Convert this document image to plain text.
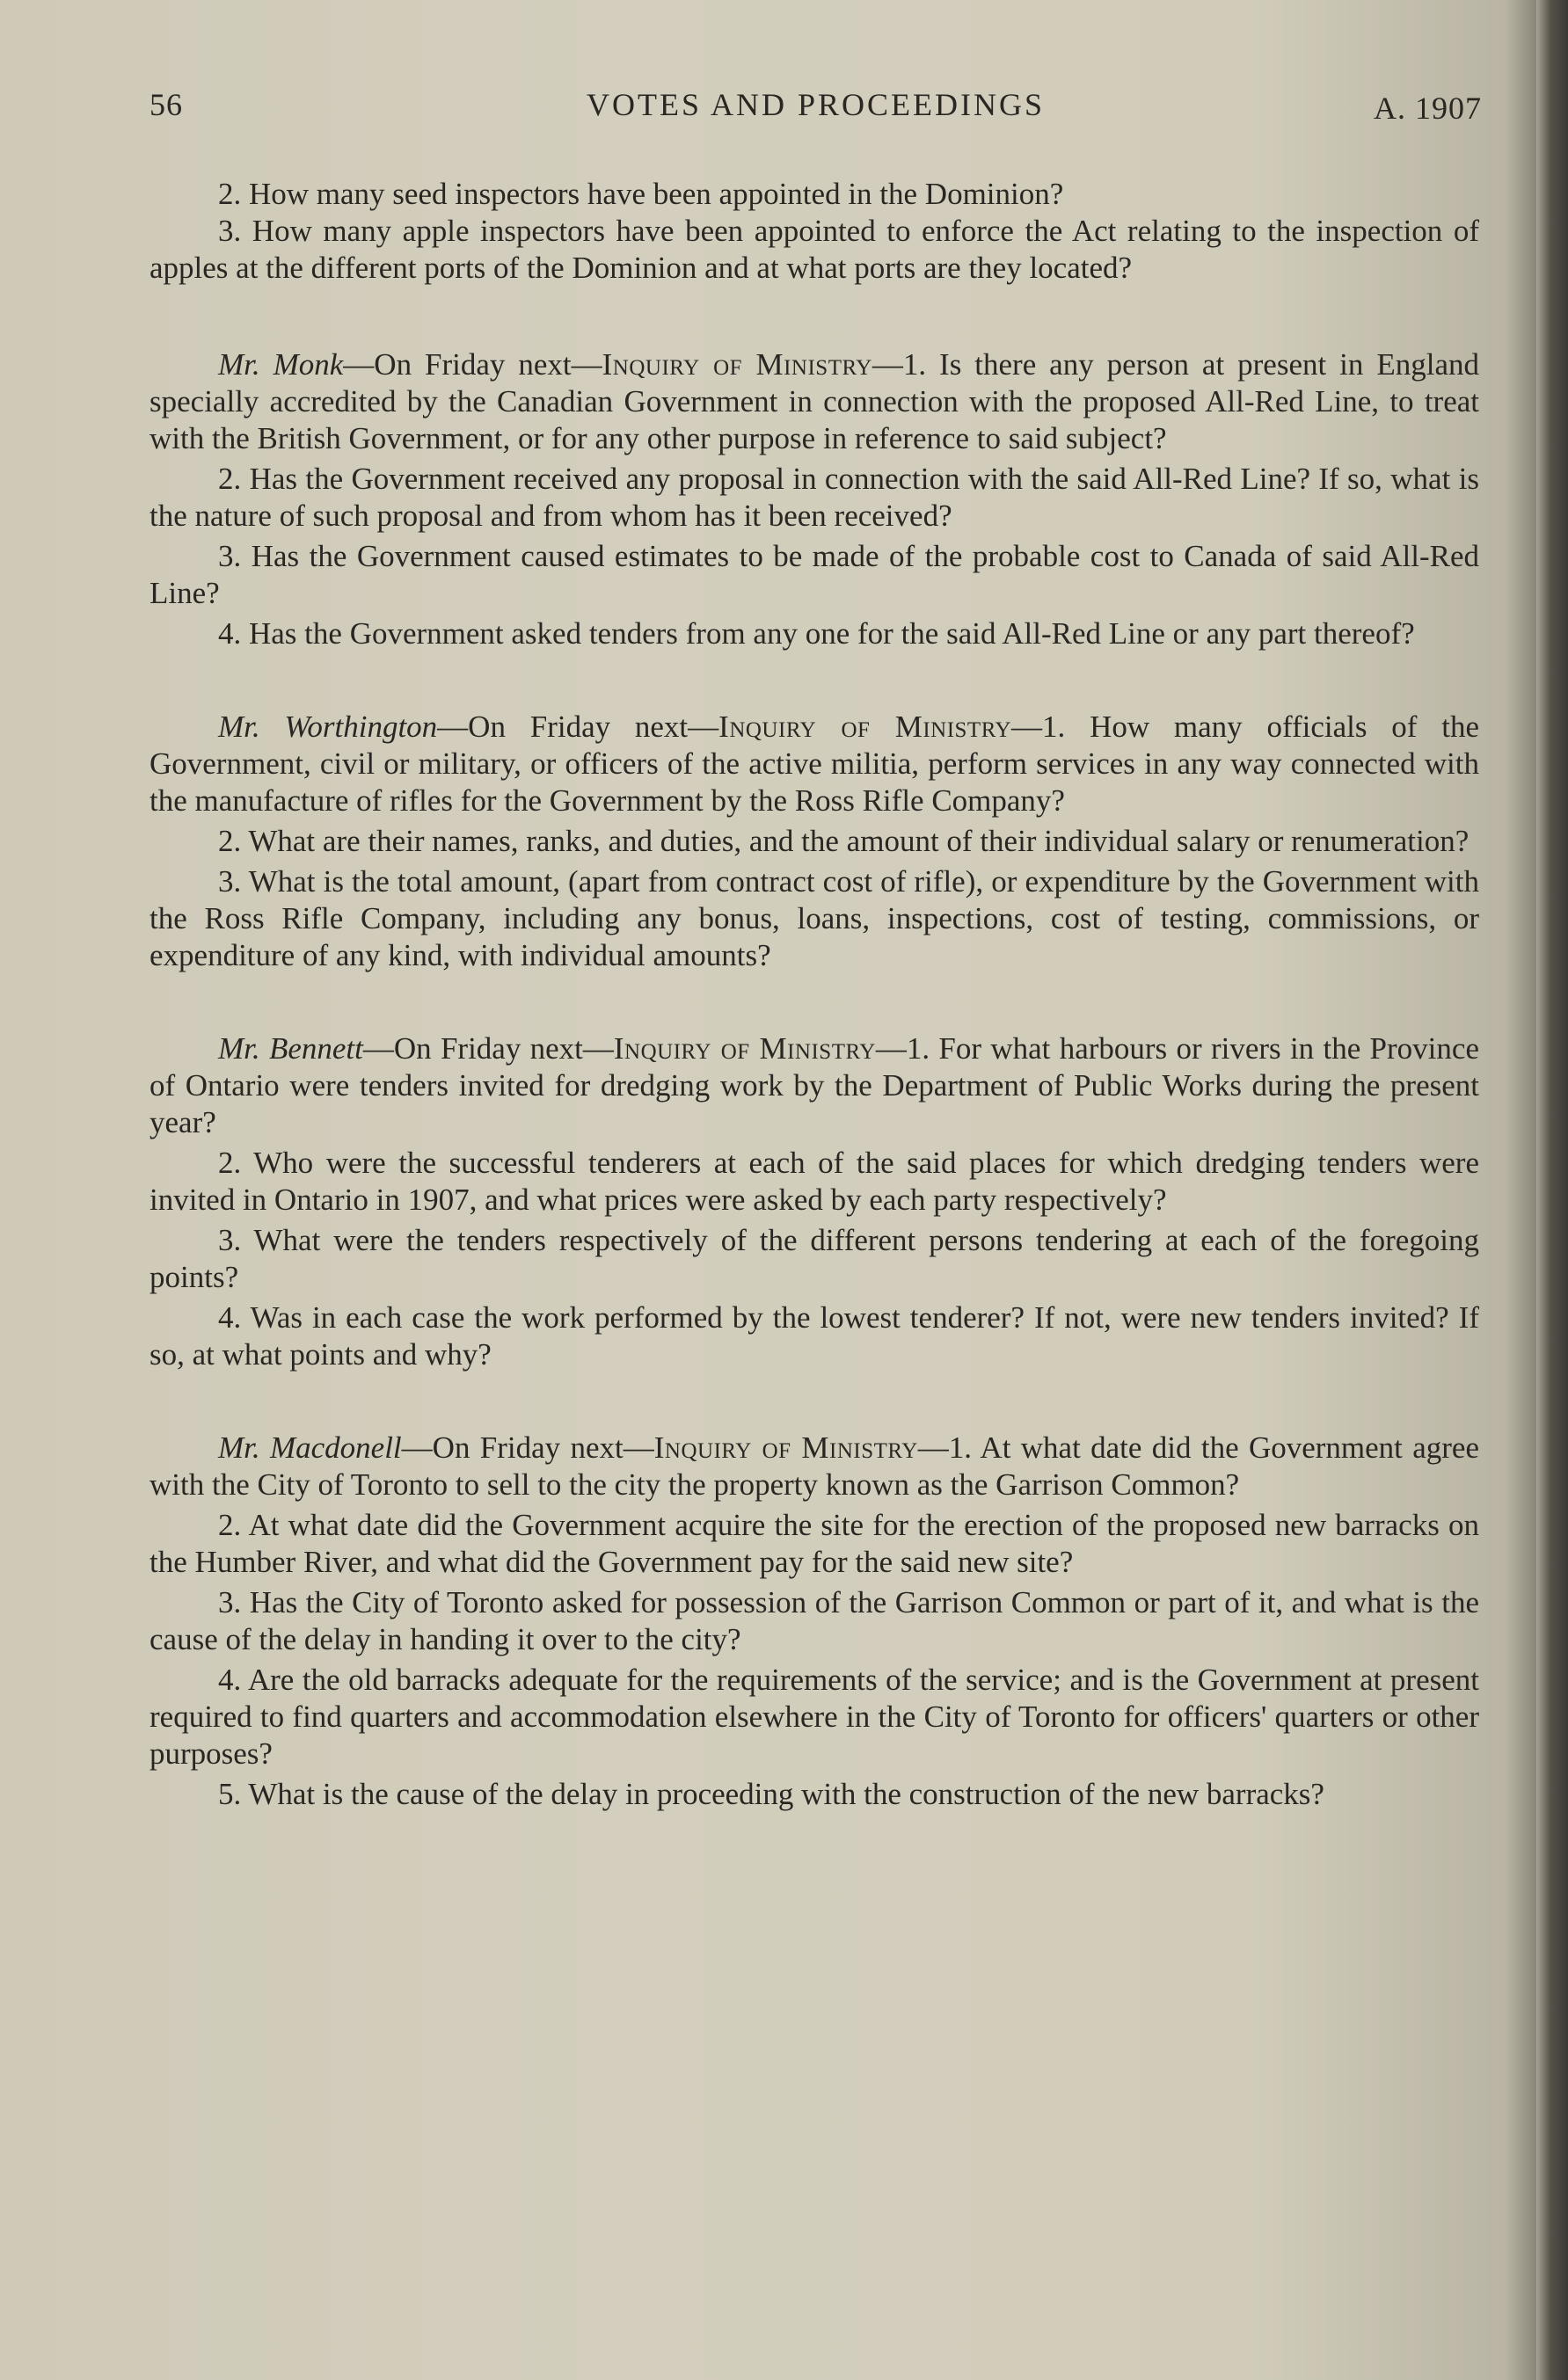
56	VOTES AND PROCEEDINGS	A. 1907

2. How many seed inspectors have been appointed in the Dominion?

3. How many apple inspectors have been appointed to enforce the Act relating to the inspection of apples at the different ports of the Dominion and at what ports are they located?

Mr. Monk—On Friday next—Inquiry of Ministry—1. Is there any person at present in England specially accredited by the Canadian Government in connection with the proposed All-Red Line, to treat with the British Government, or for any other purpose in reference to said subject?

2. Has the Government received any proposal in connection with the said All-Red Line? If so, what is the nature of such proposal and from whom has it been received?

3. Has the Government caused estimates to be made of the probable cost to Canada of said All-Red Line?

4. Has the Government asked tenders from any one for the said All-Red Line or any part thereof?

Mr. Worthington—On Friday next—Inquiry of Ministry—1. How many officials of the Government, civil or military, or officers of the active militia, perform services in any way connected with the manufacture of rifles for the Government by the Ross Rifle Company?

2. What are their names, ranks, and duties, and the amount of their individual salary or renumeration?

3. What is the total amount, (apart from contract cost of rifle), or expenditure by the Government with the Ross Rifle Company, including any bonus, loans, inspections, cost of testing, commissions, or expenditure of any kind, with individual amounts?

Mr. Bennett—On Friday next—Inquiry of Ministry—1. For what harbours or rivers in the Province of Ontario were tenders invited for dredging work by the Department of Public Works during the present year?

2. Who were the successful tenderers at each of the said places for which dredging tenders were invited in Ontario in 1907, and what prices were asked by each party respectively?

3. What were the tenders respectively of the different persons tendering at each of the foregoing points?

4. Was in each case the work performed by the lowest tenderer? If not, were new tenders invited? If so, at what points and why?

Mr. Macdonell—On Friday next—Inquiry of Ministry—1. At what date did the Government agree with the City of Toronto to sell to the city the property known as the Garrison Common?

2. At what date did the Government acquire the site for the erection of the proposed new barracks on the Humber River, and what did the Government pay for the said new site?

3. Has the City of Toronto asked for possession of the Garrison Common or part of it, and what is the cause of the delay in handing it over to the city?

4. Are the old barracks adequate for the requirements of the service; and is the Government at present required to find quarters and accommodation elsewhere in the City of Toronto for officers' quarters or other purposes?

5. What is the cause of the delay in proceeding with the construction of the new barracks?
